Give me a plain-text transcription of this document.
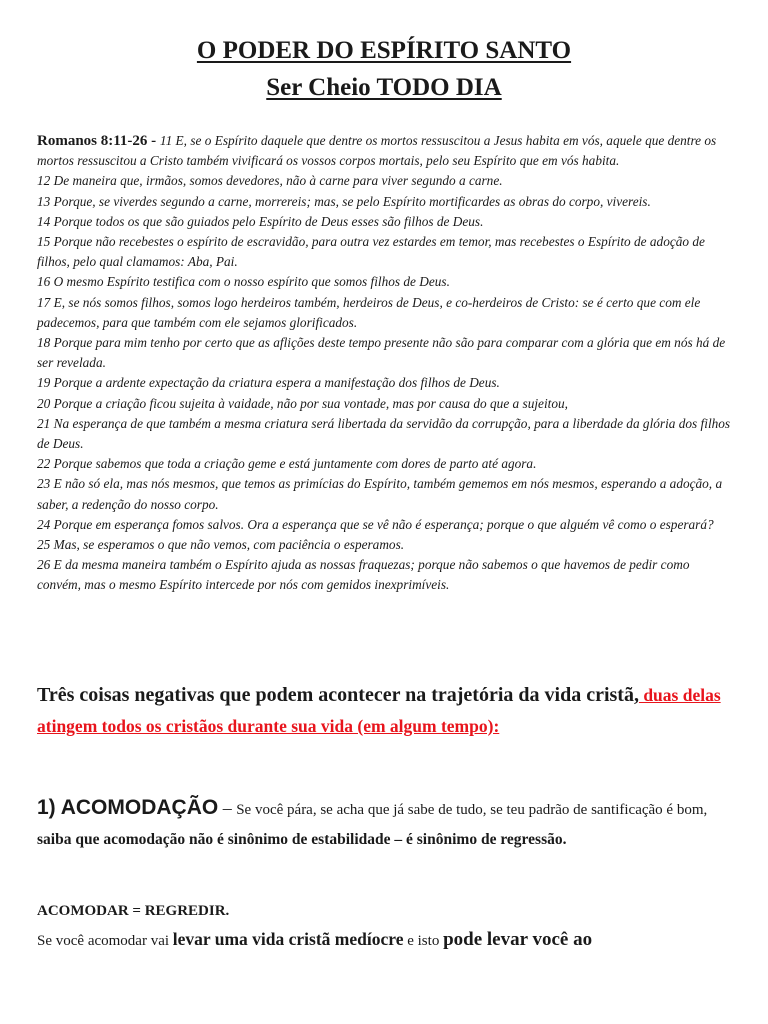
O PODER DO ESPÍRITO SANTO
Ser Cheio TODO DIA

Romanos 8:11-26 - 11 E, se o Espírito daquele que dentre os mortos ressuscitou a Jesus habita em vós, aquele que dentre os mortos ressuscitou a Cristo também vivificará os vossos corpos mortais, pelo seu Espírito que em vós habita.
12 De maneira que, irmãos, somos devedores, não à carne para viver segundo a carne.
13 Porque, se viverdes segundo a carne, morrereis; mas, se pelo Espírito mortificardes as obras do corpo, vivereis.
14 Porque todos os que são guiados pelo Espírito de Deus esses são filhos de Deus.
15 Porque não recebestes o espírito de escravidão, para outra vez estardes em temor, mas recebestes o Espírito de adoção de filhos, pelo qual clamamos: Aba, Pai.
16 O mesmo Espírito testifica com o nosso espírito que somos filhos de Deus.
17 E, se nós somos filhos, somos logo herdeiros também, herdeiros de Deus, e co-herdeiros de Cristo: se é certo que com ele padecemos, para que também com ele sejamos glorificados.
18 Porque para mim tenho por certo que as aflições deste tempo presente não são para comparar com a glória que em nós há de ser revelada.
19 Porque a ardente expectação da criatura espera a manifestação dos filhos de Deus.
20 Porque a criação ficou sujeita à vaidade, não por sua vontade, mas por causa do que a sujeitou,
21 Na esperança de que também a mesma criatura será libertada da servidão da corrupção, para a liberdade da glória dos filhos de Deus.
22 Porque sabemos que toda a criação geme e está juntamente com dores de parto até agora.
23 E não só ela, mas nós mesmos, que temos as primícias do Espírito, também gememos em nós mesmos, esperando a adoção, a saber, a redenção do nosso corpo.
24 Porque em esperança fomos salvos. Ora a esperança que se vê não é esperança; porque o que alguém vê como o esperará?
25 Mas, se esperamos o que não vemos, com paciência o esperamos.
26 E da mesma maneira também o Espírito ajuda as nossas fraquezas; porque não sabemos o que havemos de pedir como convém, mas o mesmo Espírito intercede por nós com gemidos inexprimíveis.

Três coisas negativas que podem acontecer na trajetória da vida cristã, duas delas atingem todos os cristãos durante sua vida (em algum tempo):

1) ACOMODAÇÃO – Se você pára, se acha que já sabe de tudo, se teu padrão de santificação é bom, saiba que acomodação não é sinônimo de estabilidade – é sinônimo de regressão.

ACOMODAR = REGREDIR.

Se você acomodar vai levar uma vida cristã medíocre e isto pode levar você ao
